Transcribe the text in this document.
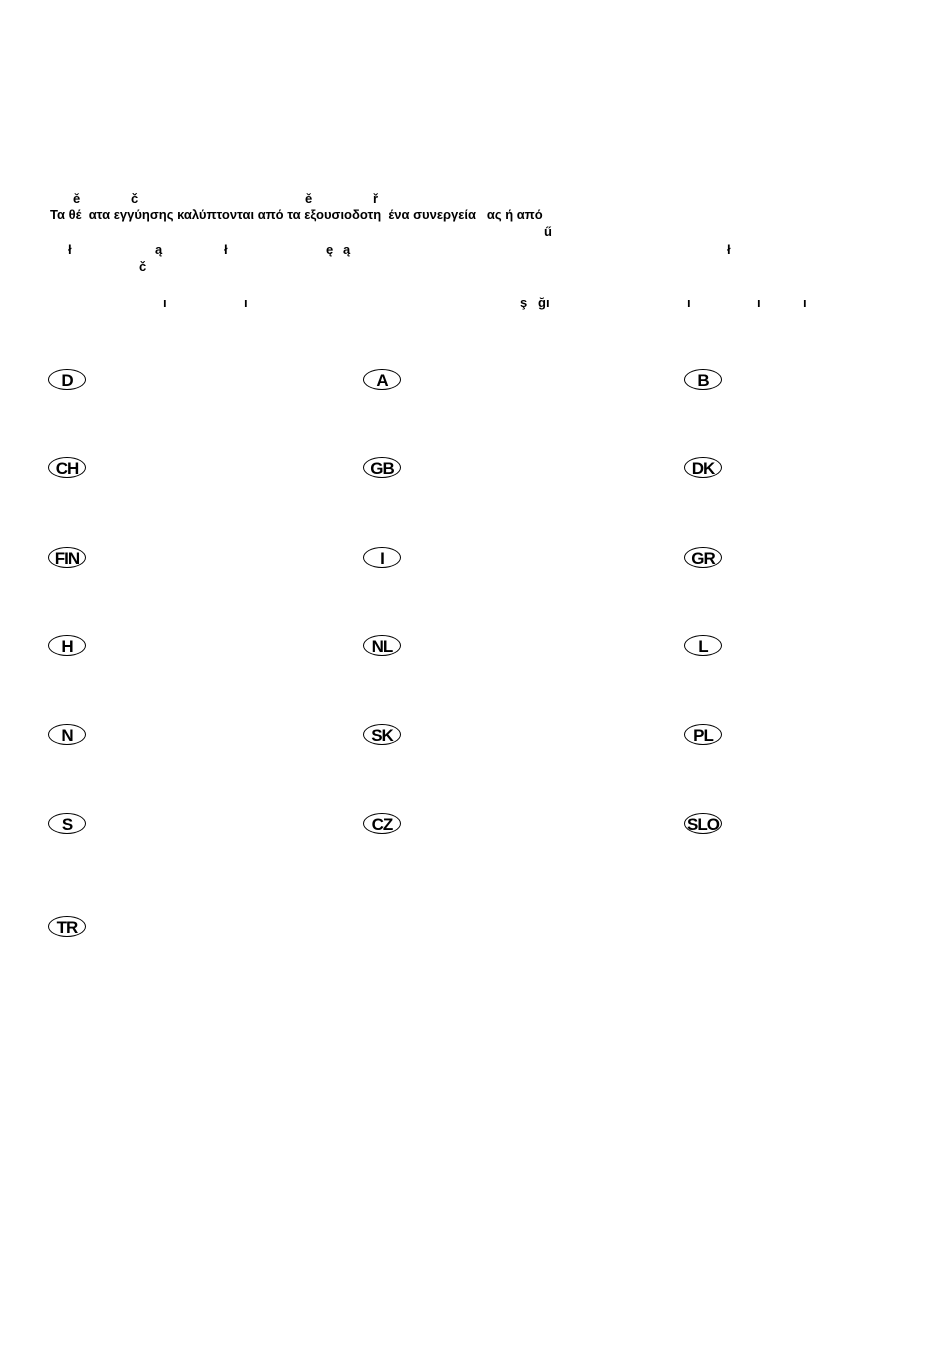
ě	č	ě	ř
Τα θέ  ατα εγγύησης καλύπτονται από τα εξουσιοδοτη  ένα συνεργεία   ας ή από
ű
ł	ą	ł	ę ą	ł
č
ı	ı	ş ğı	ı	ı	ı
D	A	B
CH	GB	DK
FIN	I	GR
H	NL	L
N	SK	PL
S	CZ	SLO
TR
